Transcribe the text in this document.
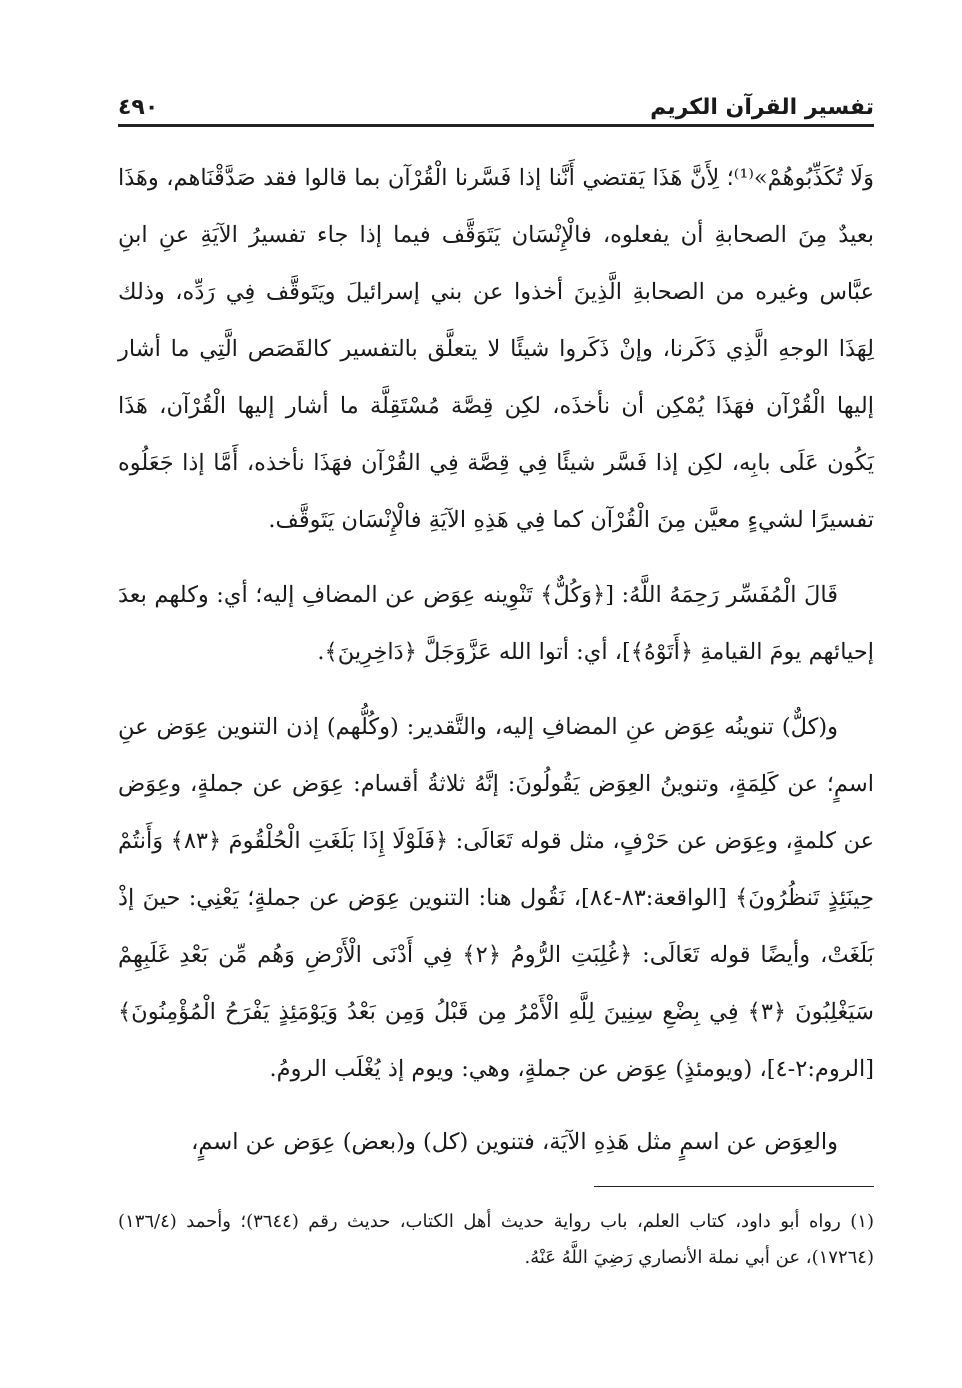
تفسير القرآن الكريم
٤٩٠

وَلَا تُكَذِّبُوهُمْ»⁽¹⁾؛ لِأَنَّ هَذَا يَقتضي أَنَّنا إذا فَسَّرنا الْقُرْآن بما قالوا فقد صَدَّقْنَاهم، وهَذَا بعيدٌ مِنَ الصحابةِ أن يفعلوه، فالْإِنْسَان يَتَوَقَّف فيما إذا جاء تفسيرُ الآيَةِ عنِ ابنِ عبَّاس وغيره من الصحابةِ الَّذِينَ أخذوا عن بني إسرائيلَ ويَتَوقَّف فِي رَدِّه، وذلك لِهَذَا الوجهِ الَّذِي ذَكَرنا، وإنْ ذَكَروا شيئًا لا يتعلَّق بالتفسير كالقَصَص الَّتِي ما أشار إليها الْقُرْآن فهَذَا يُمْكِن أن نأخذَه، لكِن قِصَّة مُسْتَقِلَّة ما أشار إليها الْقُرْآن، هَذَا يَكُون عَلَى بابِه، لكِن إذا فَسَّر شيئًا فِي قِصَّة فِي القُرْآن فهَذَا نأخذه، أَمَّا إذا جَعَلُوه تفسيرًا لشيءٍ معيَّن مِنَ الْقُرْآن كما فِي هَذِهِ الآيَةِ فالْإِنْسَان يَتَوقَّف.

قَالَ الْمُفَسِّر رَحِمَهُ اللَّهُ: [﴿وَكُلٌّ﴾ تَنْوِينه عِوَض عن المضافِ إليه؛ أي: وكلهم بعدَ إحيائهم يومَ القيامةِ ﴿أَتَوْهُ﴾]، أي: أتوا الله عَزَّوَجَلَّ ﴿دَاخِرِينَ﴾.

و(كلٌّ) تنوينُه عِوَض عنِ المضافِ إليه، والتَّقدير: (وكُلُّهم) إذن التنوين عِوَض عنِ اسمٍ؛ عن كَلِمَةٍ، وتنوينُ العِوَض يَقُولُونَ: إنَّهُ ثلاثةُ أقسام: عِوَض عن جملةٍ، وعِوَض عن كلمةٍ، وعِوَض عن حَرْفٍ، مثل قوله تَعَالَى: ﴿فَلَوْلَا إِذَا بَلَغَتِ الْحُلْقُومَ ﴿٨٣﴾ وَأَنتُمْ حِينَئِذٍ تَنظُرُونَ﴾ [الواقعة:٨٣-٨٤]، نَقُول هنا: التنوين عِوَض عن جملةٍ؛ يَعْنِي: حينَ إذْ بَلَغَتْ، وأيضًا قوله تَعَالَى: ﴿غُلِبَتِ الرُّومُ ﴿٢﴾ فِي أَدْنَى الْأَرْضِ وَهُم مِّن بَعْدِ غَلَبِهِمْ سَيَغْلِبُونَ ﴿٣﴾ فِي بِضْعِ سِنِينَ لِلَّهِ الْأَمْرُ مِن قَبْلُ وَمِن بَعْدُ وَيَوْمَئِذٍ يَفْرَحُ الْمُؤْمِنُونَ﴾ [الروم:٢-٤]، (ويومئذٍ) عِوَض عن جملةٍ، وهي: ويوم إذ يُغْلَب الرومُ.

والعِوَض عن اسمٍ مثل هَذِهِ الآيَة، فتنوين (كل) و(بعض) عِوَض عن اسمٍ،

(١) رواه أبو داود، كتاب العلم، باب رواية حديث أهل الكتاب، حديث رقم (٣٦٤٤)؛ وأحمد (١٣٦/٤) (١٧٢٦٤)، عن أبي نملة الأنصاري رَضِيَ اللَّهُ عَنْهُ.
